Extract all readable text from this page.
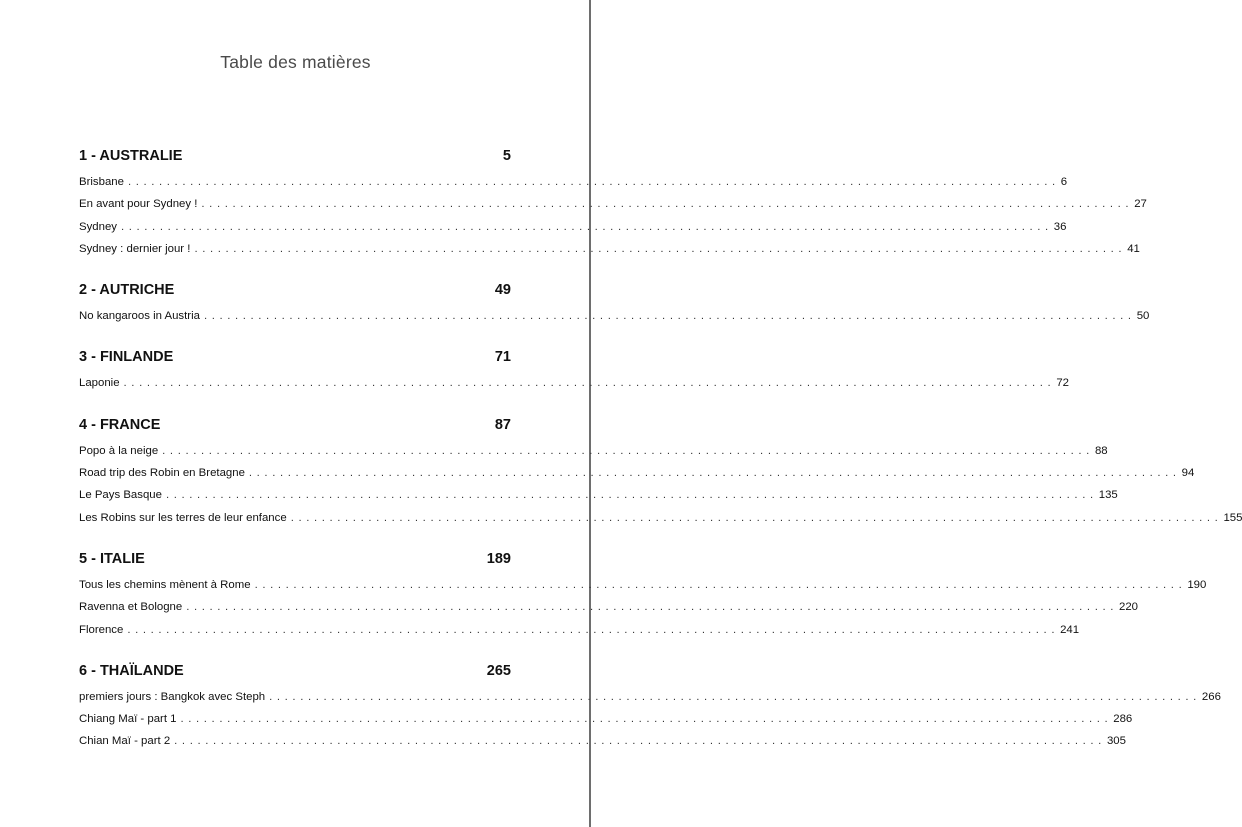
Table des matières
1 - AUSTRALIE	5
Brisbane ........................................................................................................................ 6
En avant pour Sydney ! ........................................................................................................................ 27
Sydney ........................................................................................................................ 36
Sydney : dernier jour ! ........................................................................................................................ 41
2 - AUTRICHE	49
No kangaroos in Austria ........................................................................................................................ 50
3 - FINLANDE	71
Laponie ........................................................................................................................ 72
4 - FRANCE	87
Popo à la neige ........................................................................................................................ 88
Road trip des Robin en Bretagne ........................................................................................................................ 94
Le Pays Basque ........................................................................................................................ 135
Les Robins sur les terres de leur enfance ........................................................................................................................ 155
5 - ITALIE	189
Tous les chemins mènent à Rome ........................................................................................................................ 190
Ravenna et Bologne ........................................................................................................................ 220
Florence ........................................................................................................................ 241
6 - THAÏLANDE	265
premiers jours : Bangkok avec Steph ........................................................................................................................ 266
Chiang Maï - part 1 ........................................................................................................................ 286
Chian Maï - part 2 ........................................................................................................................ 305
